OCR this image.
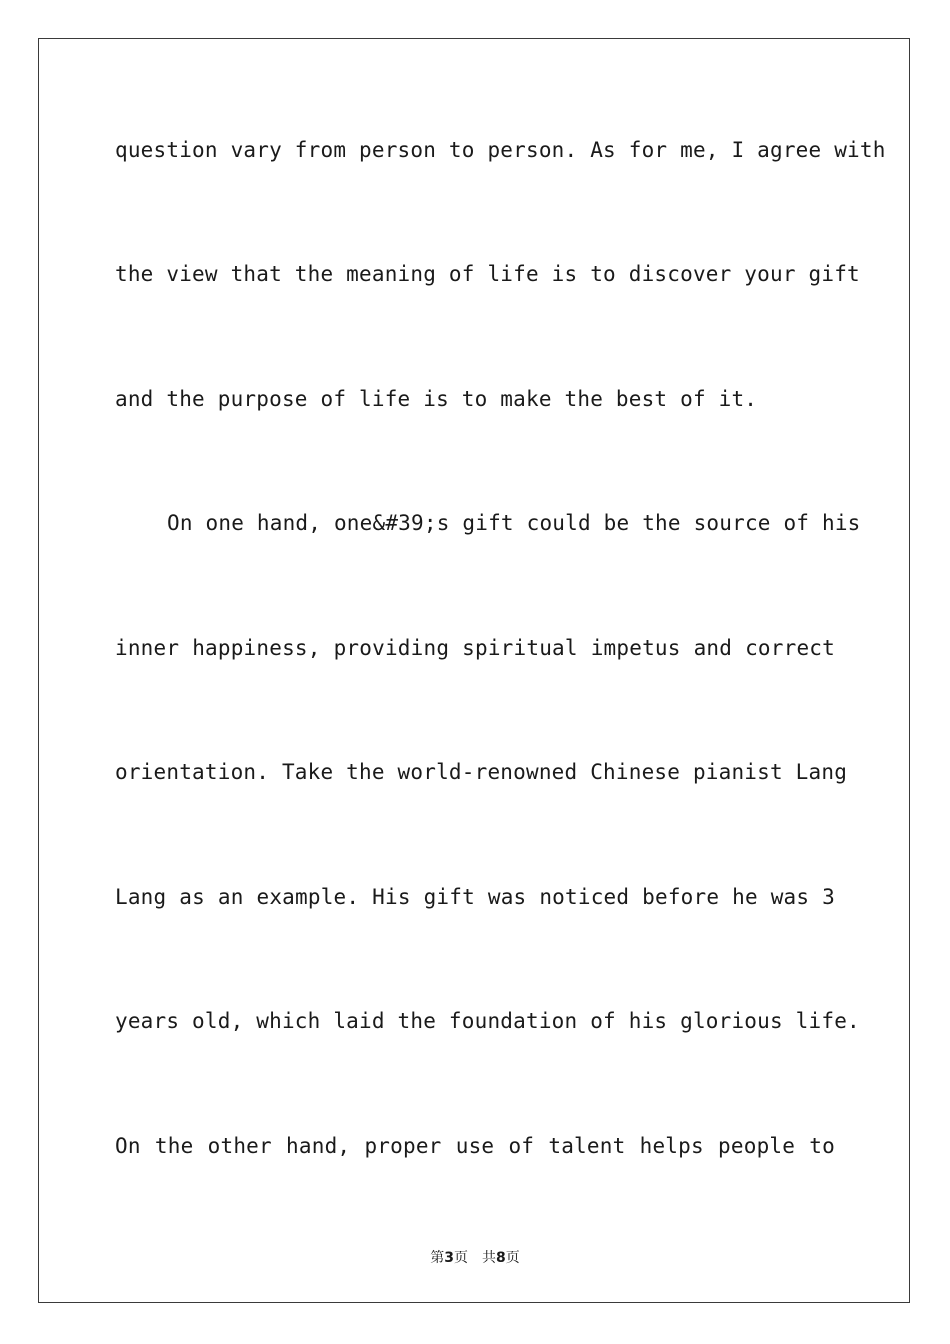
question vary from person to person. As for me, I agree with
the view that the meaning of life is to discover your gift
and the purpose of life is to make the best of it.
On one hand, one&#39;s gift could be the source of his
inner happiness, providing spiritual impetus and correct
orientation. Take the world-renowned Chinese pianist Lang
Lang as an example. His gift was noticed before he was 3
years old, which laid the foundation of his glorious life.
On the other hand, proper use of talent helps people to
第3页 共8页
